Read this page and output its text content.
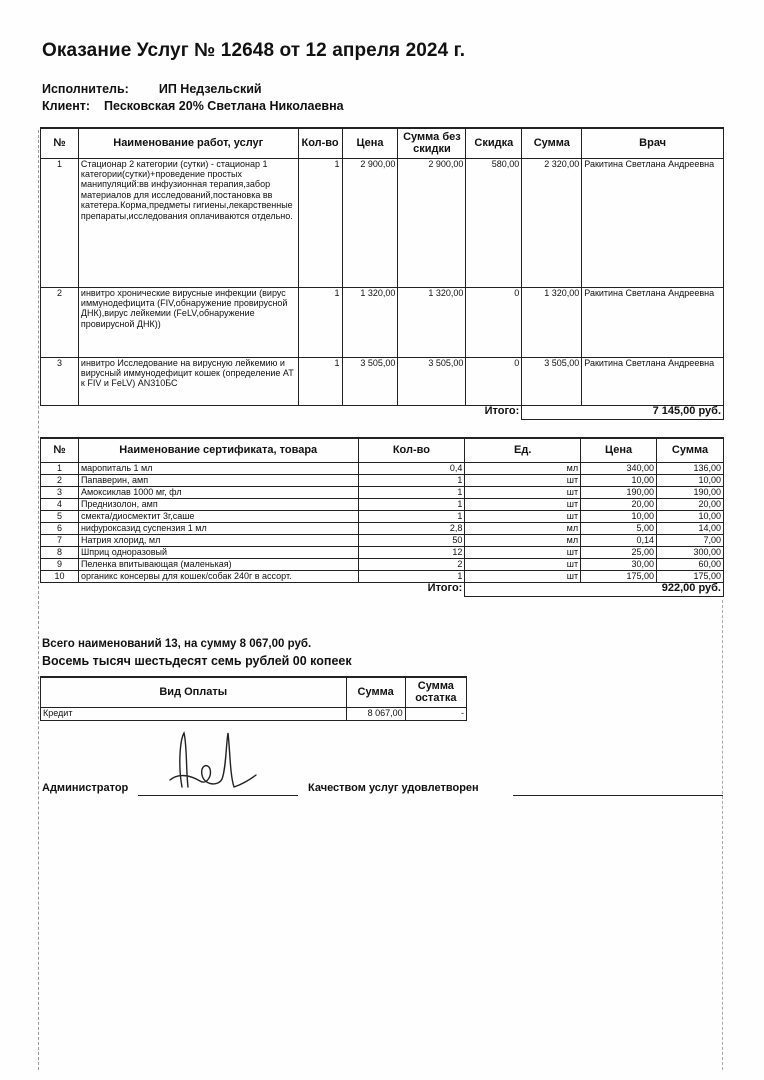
Оказание Услуг № 12648 от 12 апреля 2024 г.
Исполнитель: ИП Недзельский
Клиент: Песковская 20% Светлана Николаевна
№	Наименование работ, услуг	Кол-во	Цена	Сумма без скидки	Скидка	Сумма	Врач
1	Стационар 2 категории (сутки) - стационар 1 категории(сутки)+проведение простых манипуляций:вв инфузионная терапия,забор материалов для исследований,постановка вв катетера.Корма,предметы гигиены,лекарственные препараты,исследования оплачиваются отдельно.	1	2 900,00	2 900,00	580,00	2 320,00	Ракитина Светлана Андреевна
2	инвитро хронические вирусные инфекции (вирус иммунодефицита (FIV,обнаружение провирусной ДНК),вирус лейкемии (FeLV,обнаружение провирусной ДНК))	1	1 320,00	1 320,00	0	1 320,00	Ракитина Светлана Андреевна
3	инвитро Исследование на вирусную лейкемию и вирусный иммунодефицит кошек (определение АТ к FIV и FeLV) АN310БС	1	3 505,00	3 505,00	0	3 505,00	Ракитина Светлана Андреевна
Итого:						7 145,00 руб.	
№	Наименование сертификата, товара	Кол-во	Ед.	Цена	Сумма
1	маропиталь 1 мл	0,4	мл	340,00	136,00
2	Папаверин, амп	1	шт	10,00	10,00
3	Амоксиклав 1000 мг, фл	1	шт	190,00	190,00
4	Преднизолон, амп	1	шт	20,00	20,00
5	смекта/диосмектит 3г,саше	1	шт	10,00	10,00
6	нифуроксазид суспензия 1 мл	2,8	мл	5,00	14,00
7	Натрия хлорид, мл	50	мл	0,14	7,00
8	Шприц одноразовый	12	шт	25,00	300,00
9	Пеленка впитывающая (маленькая)	2	шт	30,00	60,00
10	органикс консервы для кошек/собак 240г в ассорт.	1	шт	175,00	175,00
Итого:			922,00 руб.		
Всего наименований 13, на сумму 8 067,00 руб.
Восемь тысяч шестьдесят семь рублей 00 копеек
Вид Оплаты	Сумма	Сумма остатка
Кредит	8 067,00	-
Администратор	Качеством услуг удовлетворен
